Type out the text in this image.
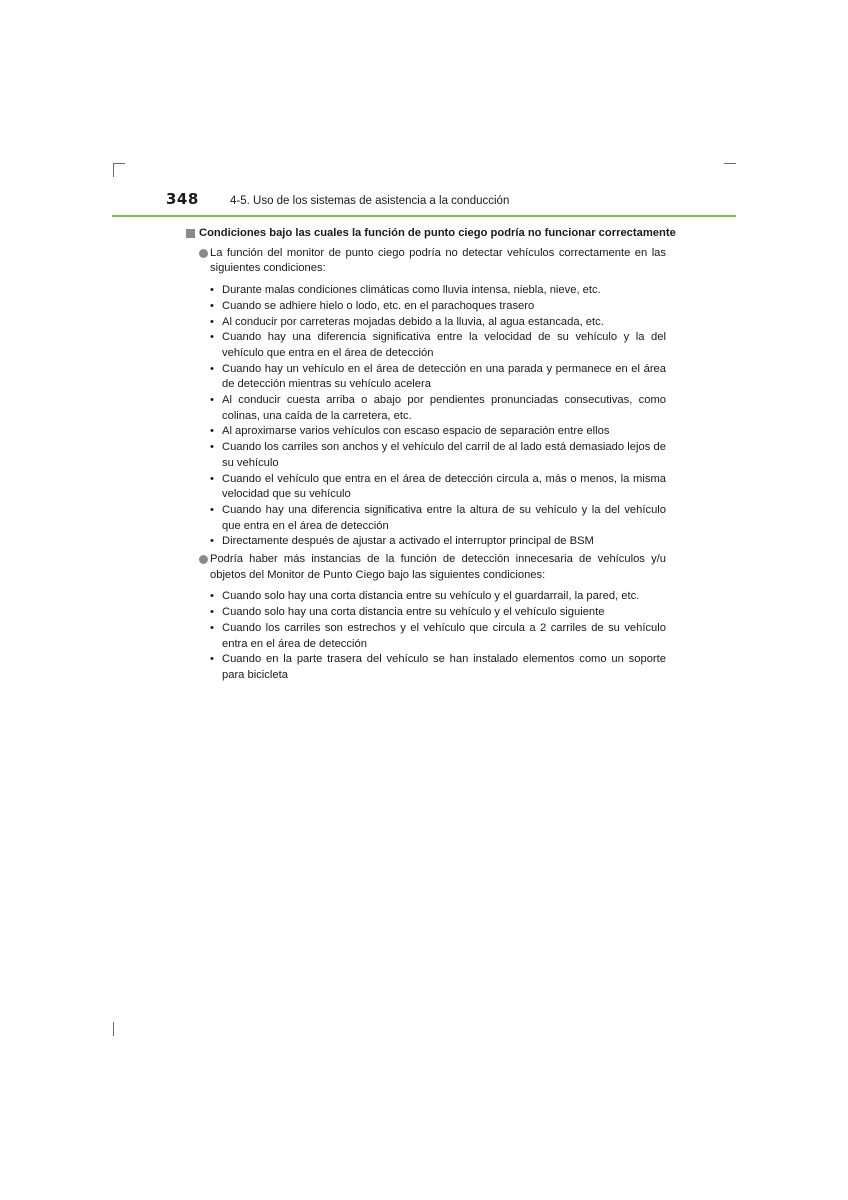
348	4-5. Uso de los sistemas de asistencia a la conducción
Condiciones bajo las cuales la función de punto ciego podría no funcionar correctamente
La función del monitor de punto ciego podría no detectar vehículos correctamente en las siguientes condiciones:
• Durante malas condiciones climáticas como lluvia intensa, niebla, nieve, etc.
• Cuando se adhiere hielo o lodo, etc. en el parachoques trasero
• Al conducir por carreteras mojadas debido a la lluvia, al agua estancada, etc.
• Cuando hay una diferencia significativa entre la velocidad de su vehículo y la del vehículo que entra en el área de detección
• Cuando hay un vehículo en el área de detección en una parada y permanece en el área de detección mientras su vehículo acelera
• Al conducir cuesta arriba o abajo por pendientes pronunciadas consecutivas, como colinas, una caída de la carretera, etc.
• Al aproximarse varios vehículos con escaso espacio de separación entre ellos
• Cuando los carriles son anchos y el vehículo del carril de al lado está demasiado lejos de su vehículo
• Cuando el vehículo que entra en el área de detección circula a, más o menos, la misma velocidad que su vehículo
• Cuando hay una diferencia significativa entre la altura de su vehículo y la del vehículo que entra en el área de detección
• Directamente después de ajustar a activado el interruptor principal de BSM
Podría haber más instancias de la función de detección innecesaria de vehículos y/u objetos del Monitor de Punto Ciego bajo las siguientes condiciones:
• Cuando solo hay una corta distancia entre su vehículo y el guardarrail, la pared, etc.
• Cuando solo hay una corta distancia entre su vehículo y el vehículo siguiente
• Cuando los carriles son estrechos y el vehículo que circula a 2 carriles de su vehículo entra en el área de detección
• Cuando en la parte trasera del vehículo se han instalado elementos como un soporte para bicicleta
